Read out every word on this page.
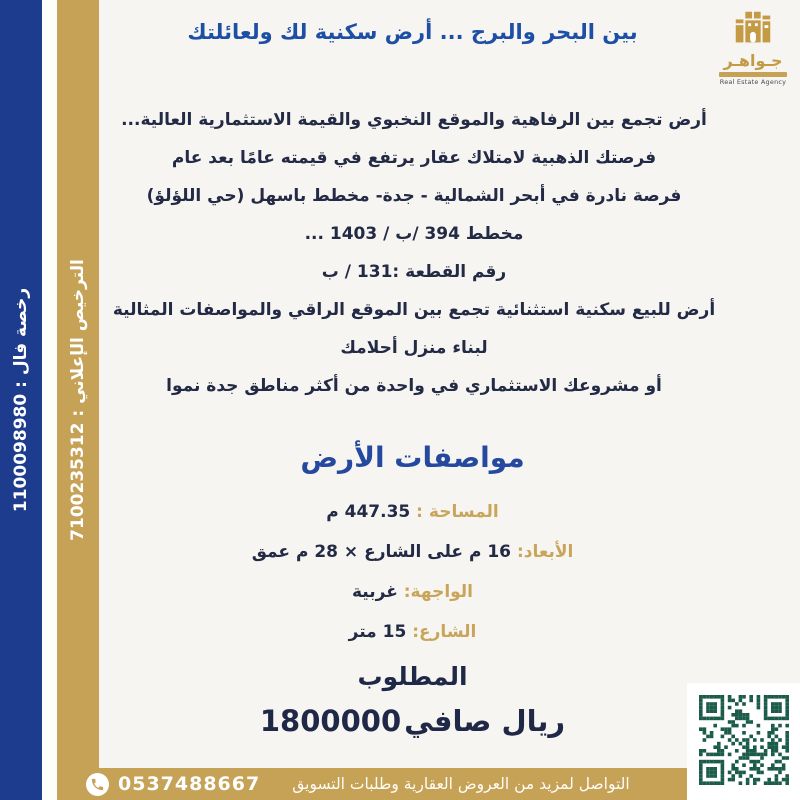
رخصة فال : 1100098980
الترخيص الإعلاني : 7100235312
جـواهـر
Real Estate Agency
بين البحر والبرج ... أرض سكنية لك ولعائلتك
أرض تجمع بين الرفاهية والموقع النخبوي والقيمة الاستثمارية العالية...
فرصتك الذهبية لامتلاك عقار يرتفع في قيمته عامًا بعد عام
فرصة نادرة في أبحر الشمالية - جدة- مخطط باسهل (حي اللؤلؤ)
مخطط 394 /ب / 1403 ...
رقم القطعة :131 / ب
أرض للبيع سكنية استثنائية تجمع بين الموقع الراقي والمواصفات المثالية
لبناء منزل أحلامك
أو مشروعك الاستثماري في واحدة من أكثر مناطق جدة نموا
مواصفات الأرض
المساحة : 447.35 م
الأبعاد: 16 م على الشارع × 28 م عمق
الواجهة: غربية
الشارع: 15 متر
المطلوب
1800000 ريال صافي
0537488667 التواصل لمزيد من العروض العقارية وطلبات التسويق
